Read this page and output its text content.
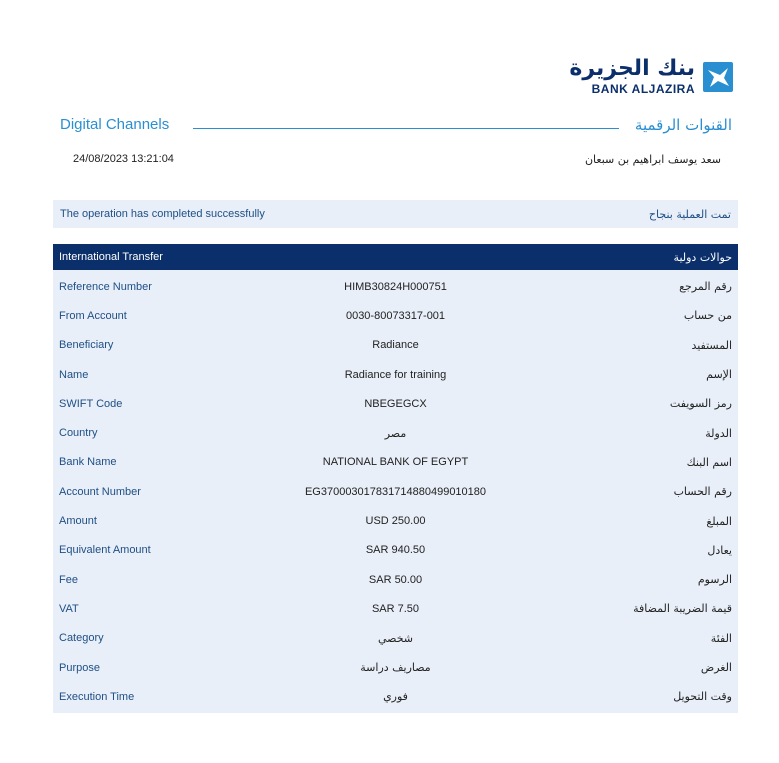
بنك الجزيرة
BANK ALJAZIRA
Digital Channels	القنوات الرقمية
24/08/2023 13:21:04	سعد يوسف ابراهيم بن سبعان
The operation has completed successfully	تمت العملية بنجاح
International Transfer	حوالات دولية
Reference Number	HIMB30824H000751	رقم المرجع
From Account	0030-80073317-001	من حساب
Beneficiary	Radiance	المستفيد
Name	Radiance for training	الإسم
SWIFT Code	NBEGEGCX	رمز السويفت
Country	مصر	الدولة
Bank Name	NATIONAL BANK OF EGYPT	اسم البنك
Account Number	EG370003017831714880499010180	رقم الحساب
Amount	USD 250.00	المبلغ
Equivalent Amount	SAR 940.50	يعادل
Fee	SAR 50.00	الرسوم
VAT	SAR 7.50	قيمة الضريبة المضافة
Category	شخصي	الفئة
Purpose	مصاريف دراسة	الغرض
Execution Time	فوري	وقت التحويل
